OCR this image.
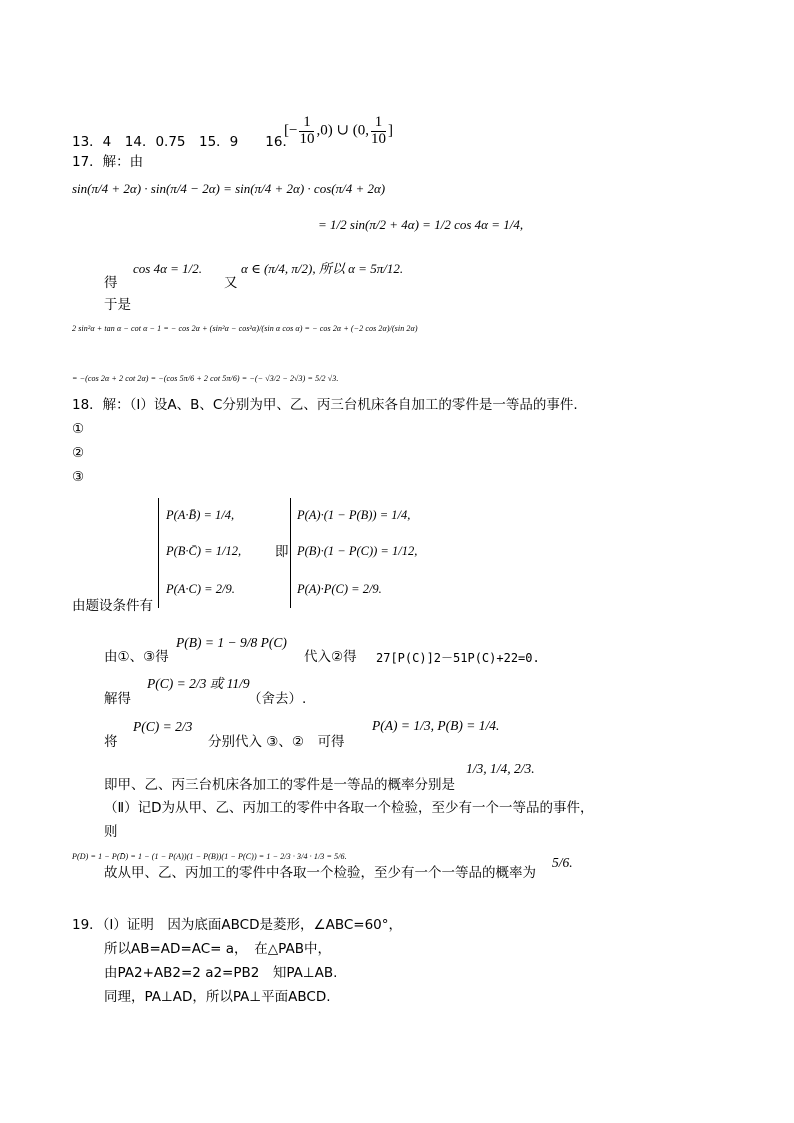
13．4　14．0.75　15．9　　16．
[− $\frac{1}{10} ,0$) ∪ (0, $\frac{1}{10}$ ]
17．解：由
sin(π/4 + 2α) · sin(π/4 − 2α) = sin(π/4 + 2α) · cos(π/4 + 2α)
= 1/2 sin(π/2 + 4α) = 1/2 cos 4α = 1/4,
得
cos 4α = 1/2.
又
α ∈ (π/4, π/2), 所以 α = 5π/12.
于是
2 sin²α + tan α − cot α − 1 = − cos 2α + (sin²α − cos²α)/(sin α cos α) = − cos 2α + (−2 cos 2α)/(sin 2α)
= −(cos 2α + 2 cot 2α) = −(cos 5π/6 + 2 cot 5π/6) = −(− √3/2 − 2√3) = 5/2 √3.
18．解：（Ⅰ）设A、B、C分别为甲、乙、丙三台机床各自加工的零件是一等品的事件.
①
②
③
P(A·B̄) = 1/4,
P(B·C̄) = 1/12,
P(A·C) = 2/9.
即
P(A)·(1 − P(B)) = 1/4,
P(B)·(1 − P(C)) = 1/12,
P(A)·P(C) = 2/9.
由题设条件有
由①、③得
P(B) = 1 − 9/8 P(C)
代入②得 27[P(C)]2－51P(C)+22=0.
解得
P(C) = 2/3 或 11/9
（舍去）.
将
P(C) = 2/3
分别代入 ③、②　可得
P(A) = 1/3, P(B) = 1/4.
即甲、乙、丙三台机床各加工的零件是一等品的概率分别是
1/3, 1/4, 2/3.
（Ⅱ）记D为从甲、乙、丙加工的零件中各取一个检验，至少有一个一等品的事件，
则
P(D) = 1 − P(D̄) = 1 − (1 − P(A))(1 − P(B))(1 − P(C)) = 1 − 2/3 · 3/4 · 1/3 = 5/6.
故从甲、乙、丙加工的零件中各取一个检验，至少有一个一等品的概率为
5/6.
19．（Ⅰ）证明　因为底面ABCD是菱形，∠ABC=60°，
所以AB=AD=AC= a，　在△PAB中，
由PA2+AB2=2 a2=PB2　知PA⊥AB.
同理，PA⊥AD，所以PA⊥平面ABCD.
